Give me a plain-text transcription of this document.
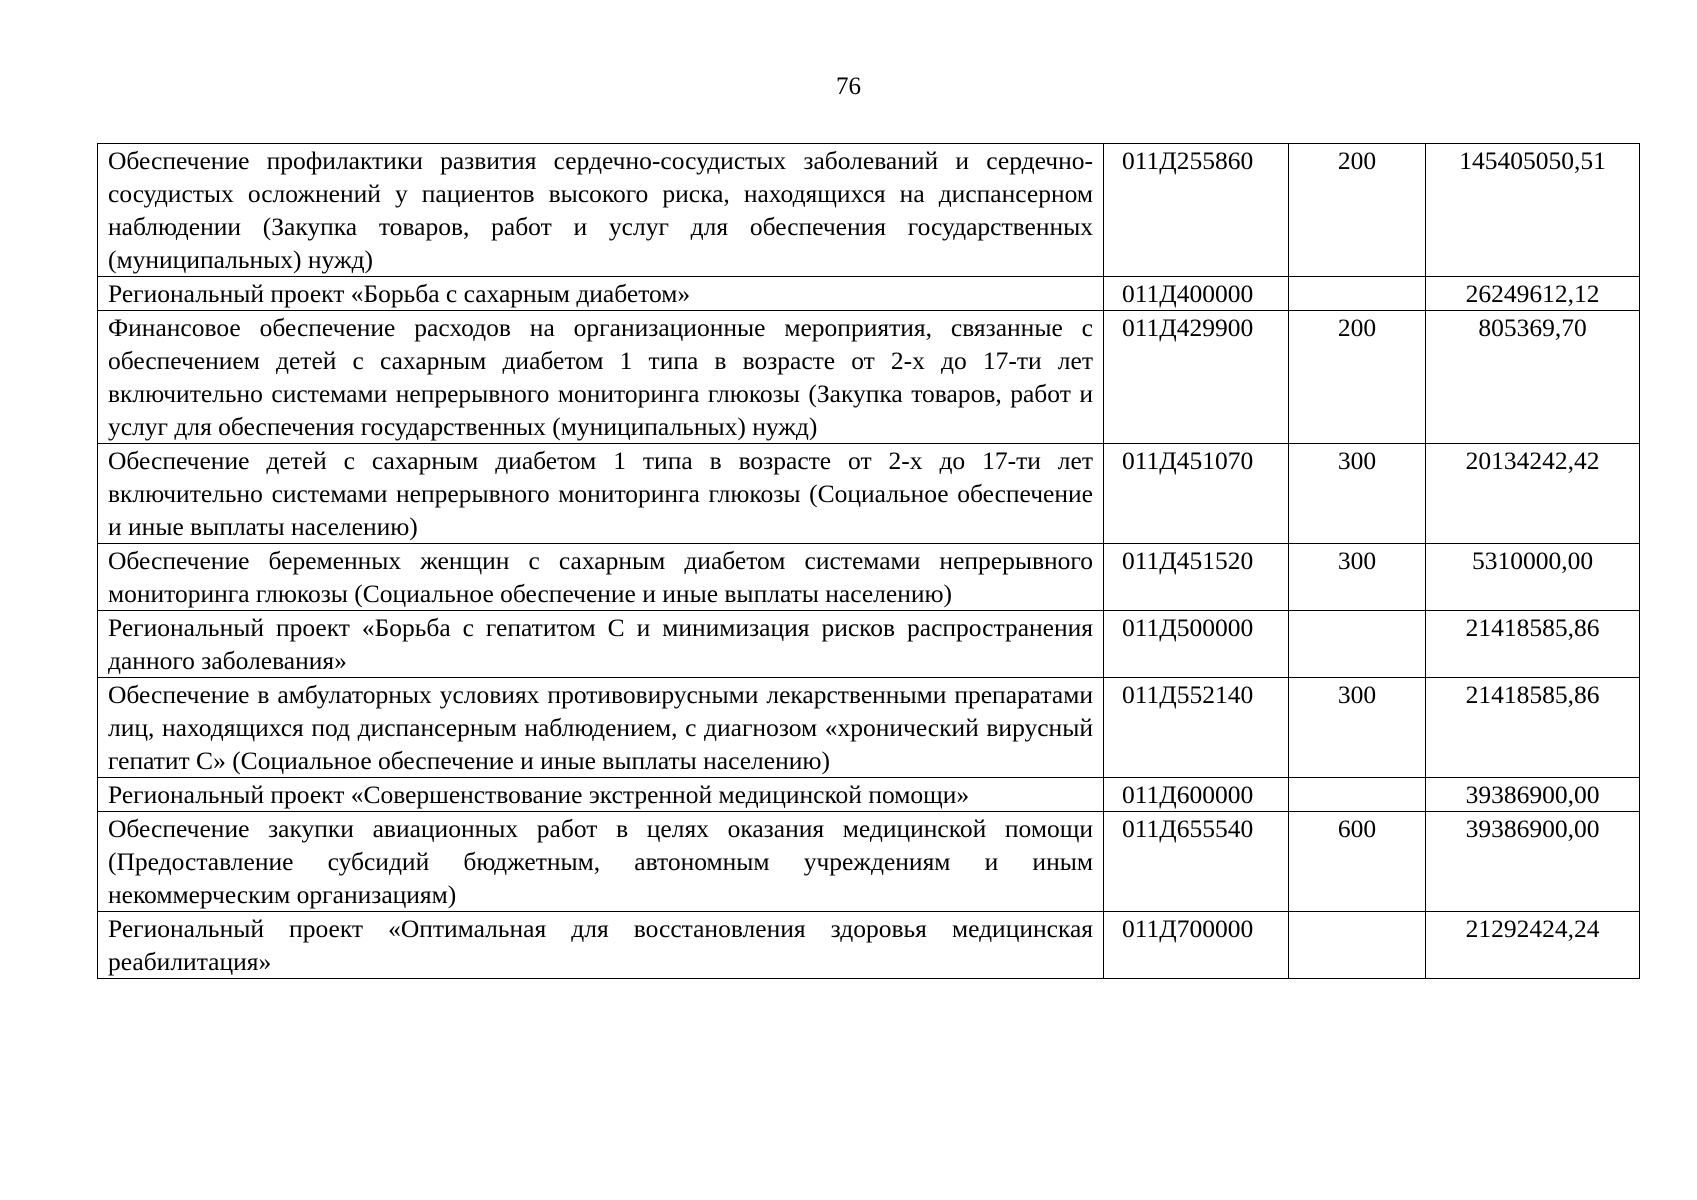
76
Обеспечение профилактики развития сердечно-сосудистых заболеваний и сердечно-сосудистых осложнений у пациентов высокого риска, находящихся на диспансерном наблюдении (Закупка товаров, работ и услуг для обеспечения государственных (муниципальных) нужд)	011Д255860	200	145405050,51
Региональный проект «Борьба с сахарным диабетом»	011Д400000		26249612,12
Финансовое обеспечение расходов на организационные мероприятия, связанные с обеспечением детей с сахарным диабетом 1 типа в возрасте от 2-х до 17-ти лет включительно системами непрерывного мониторинга глюкозы (Закупка товаров, работ и услуг для обеспечения государственных (муниципальных) нужд)	011Д429900	200	805369,70
Обеспечение детей с сахарным диабетом 1 типа в возрасте от 2-х до 17-ти лет включительно системами непрерывного мониторинга глюкозы (Социальное обеспечение и иные выплаты населению)	011Д451070	300	20134242,42
Обеспечение беременных женщин с сахарным диабетом системами непрерывного мониторинга глюкозы (Социальное обеспечение и иные выплаты населению)	011Д451520	300	5310000,00
Региональный проект «Борьба с гепатитом С и минимизация рисков распространения данного заболевания»	011Д500000		21418585,86
Обеспечение в амбулаторных условиях противовирусными лекарственными препаратами лиц, находящихся под диспансерным наблюдением, с диагнозом «хронический вирусный гепатит С» (Социальное обеспечение и иные выплаты населению)	011Д552140	300	21418585,86
Региональный проект «Совершенствование экстренной медицинской помощи»	011Д600000		39386900,00
Обеспечение закупки авиационных работ в целях оказания медицинской помощи (Предоставление субсидий бюджетным, автономным учреждениям и иным некоммерческим организациям)	011Д655540	600	39386900,00
Региональный проект «Оптимальная для восстановления здоровья медицинская реабилитация»	011Д700000		21292424,24
